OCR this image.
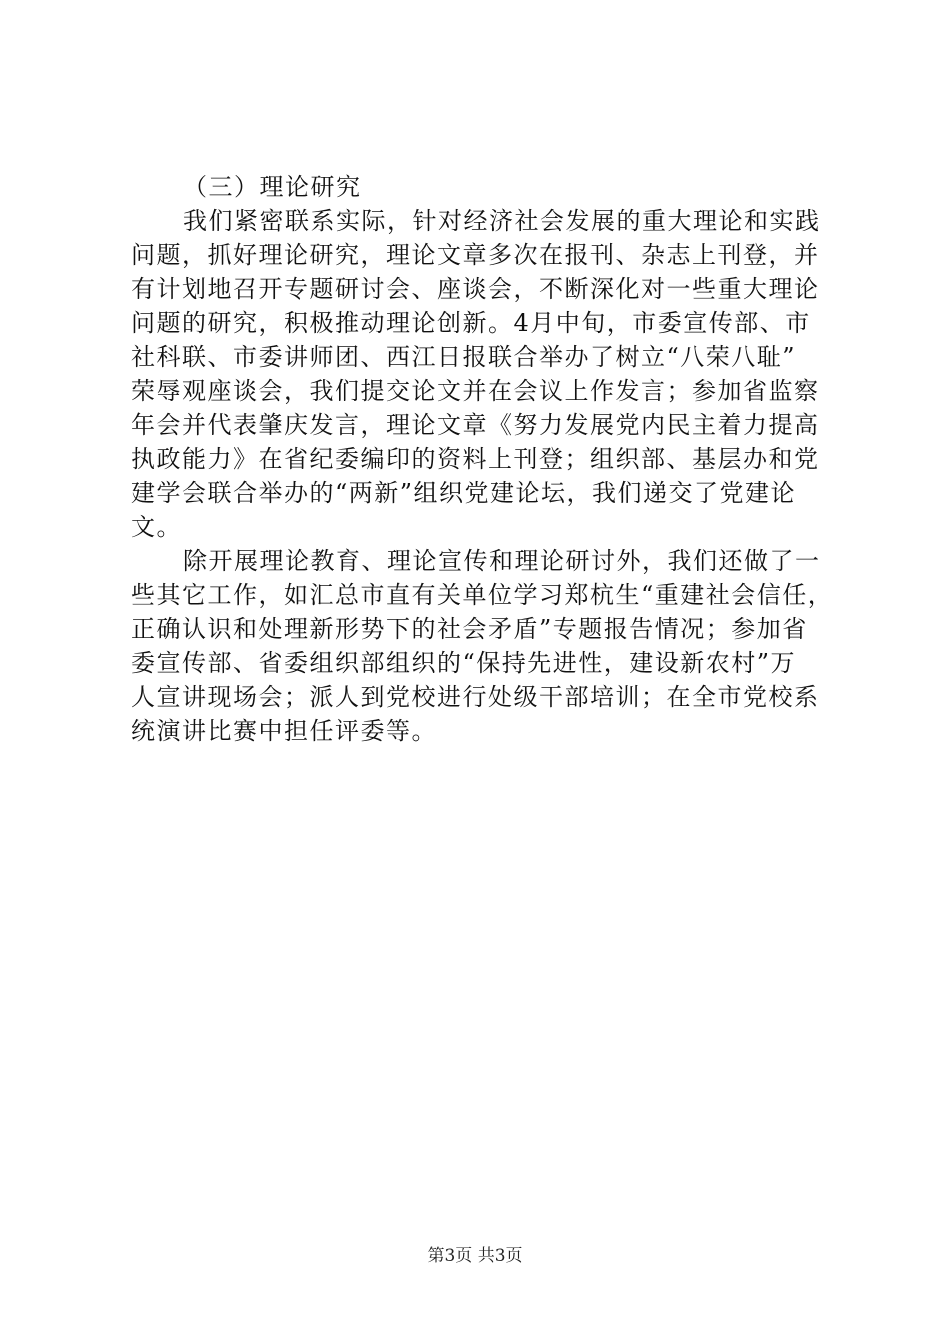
（三）理论研究
我们紧密联系实际，针对经济社会发展的重大理论和实践
问题，抓好理论研究，理论文章多次在报刊、杂志上刊登，并
有计划地召开专题研讨会、座谈会，不断深化对一些重大理论
问题的研究，积极推动理论创新。4月中旬，市委宣传部、市
社科联、市委讲师团、西江日报联合举办了树立“八荣八耻”
荣辱观座谈会，我们提交论文并在会议上作发言；参加省监察
年会并代表肇庆发言，理论文章《努力发展党内民主着力提高
执政能力》在省纪委编印的资料上刊登；组织部、基层办和党
建学会联合举办的“两新”组织党建论坛，我们递交了党建论
文。
除开展理论教育、理论宣传和理论研讨外，我们还做了一
些其它工作，如汇总市直有关单位学习郑杭生“重建社会信任，
正确认识和处理新形势下的社会矛盾”专题报告情况；参加省
委宣传部、省委组织部组织的“保持先进性，建设新农村”万
人宣讲现场会；派人到党校进行处级干部培训；在全市党校系
统演讲比赛中担任评委等。
第3页 共3页
